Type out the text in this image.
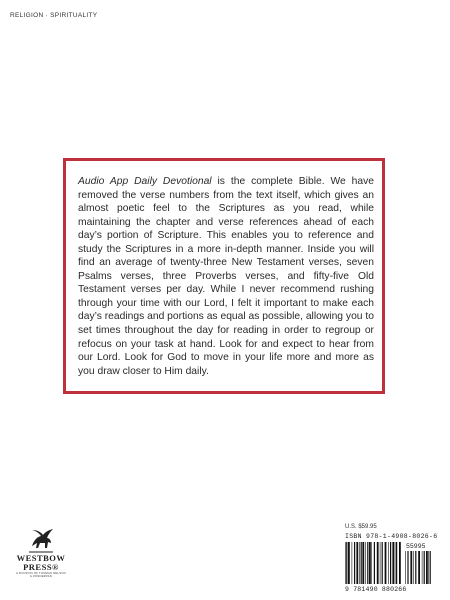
RELIGION · SPIRITUALITY
Audio App Daily Devotional is the complete Bible. We have removed the verse numbers from the text itself, which gives an almost poetic feel to the Scriptures as you read, while maintaining the chapter and verse references ahead of each day’s portion of Scripture. This enables you to reference and study the Scriptures in a more in-depth manner. Inside you will find an average of twenty-three New Testament verses, seven Psalms verses, three Proverbs verses, and fifty-five Old Testament verses per day. While I never recommend rushing through your time with our Lord, I felt it important to make each day’s readings and portions as equal as possible, allowing you to set times throughout the day for reading in order to regroup or refocus on your task at hand. Look for and expect to hear from our Lord. Look for God to move in your life more and more as you draw closer to Him daily.
WESTBOW
PRESS®
A DIVISION OF THOMAS NELSON
& ZONDERVAN
U.S. $59.95
ISBN 978-1-4908-8026-6
55995
9 781490 880266
